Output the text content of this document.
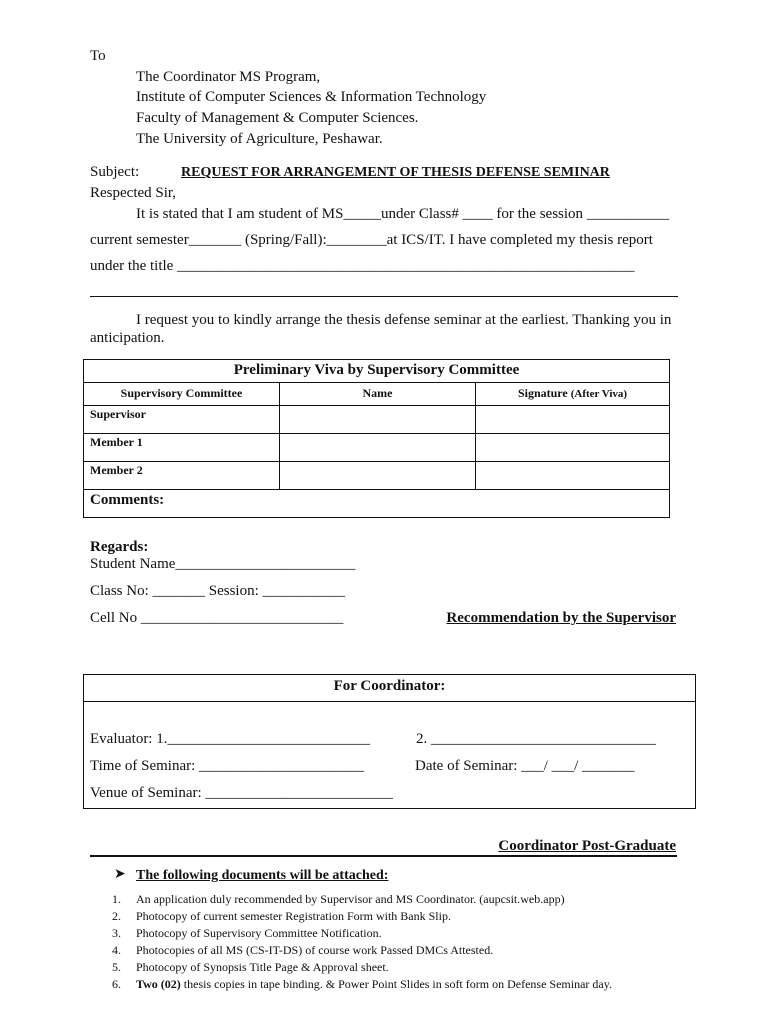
To
The Coordinator MS Program,
Institute of Computer Sciences & Information Technology
Faculty of Management & Computer Sciences.
The University of Agriculture, Peshawar.
Subject:	REQUEST FOR ARRANGEMENT OF THESIS DEFENSE SEMINAR
Respected Sir,
It is stated that I am student of MS_____under Class# ____ for the session ___________
current semester_______ (Spring/Fall):________at ICS/IT. I have completed my thesis report
under the title _____________________________________________________________
I request you to kindly arrange the thesis defense seminar at the earliest. Thanking you in
anticipation.
Preliminary Viva by Supervisory Committee		
Supervisory Committee	Name	Signature (After Viva)
Supervisor		
Member 1		
Member 2		
Comments:		
Regards:
Student Name________________________
Class No: _______ Session: ___________
Cell No ___________________________	Recommendation by the Supervisor
For Coordinator:
Evaluator: 1.___________________________	2. ______________________________
Time of Seminar: ______________________	Date of Seminar: ___/ ___/ _______
Venue of Seminar: _________________________
Coordinator Post-Graduate
➤ The following documents will be attached:
1. An application duly recommended by Supervisor and MS Coordinator. (aupcsit.web.app)
2. Photocopy of current semester Registration Form with Bank Slip.
3. Photocopy of Supervisory Committee Notification.
4. Photocopies of all MS (CS-IT-DS) of course work Passed DMCs Attested.
5. Photocopy of Synopsis Title Page & Approval sheet.
6. Two (02) thesis copies in tape binding. & Power Point Slides in soft form on Defense Seminar day.
